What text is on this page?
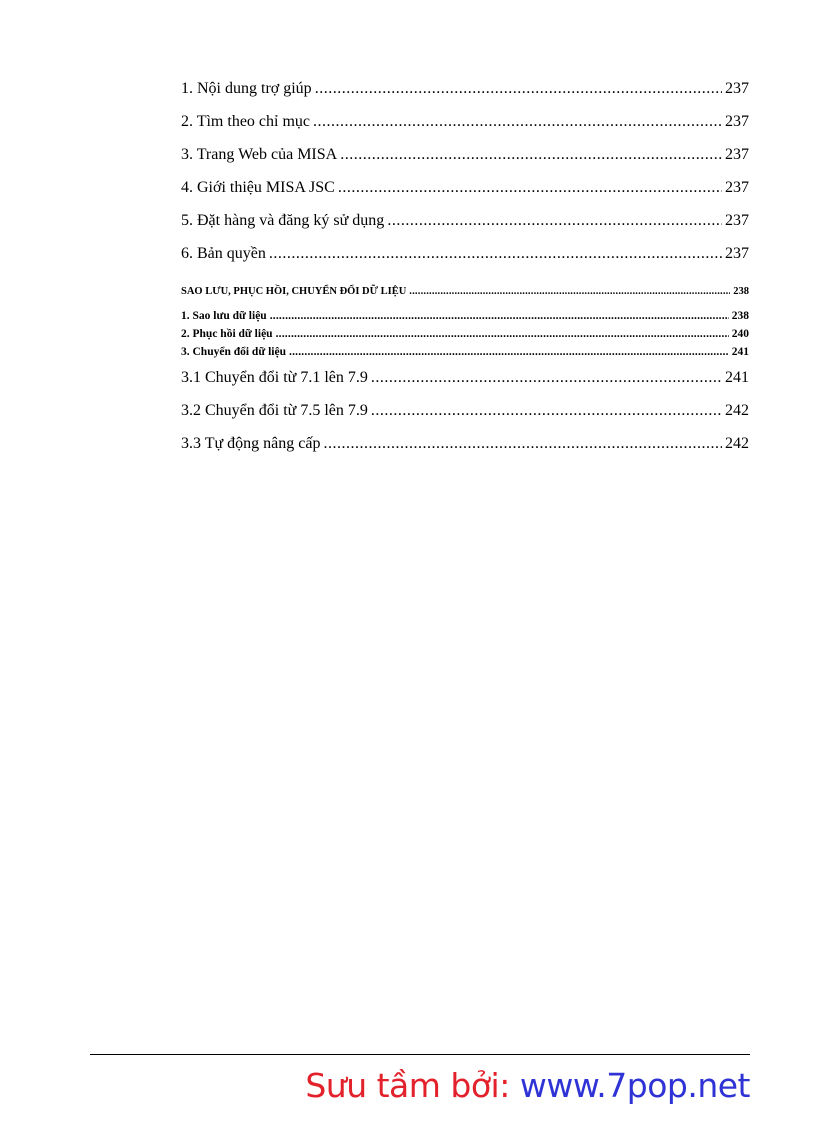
1. Nội dung trợ giúp .....	237
2. Tìm theo chỉ mục .....	237
3. Trang Web của MISA .....	237
4. Giới thiệu MISA JSC .....	237
5. Đặt hàng và đăng ký sử dụng .....	237
6. Bản quyền .....	237
SAO LƯU, PHỤC HỒI, CHUYỂN ĐỔI DỮ LIỆU .....	238
1. Sao lưu dữ liệu .....	238
2. Phục hồi dữ liệu .....	240
3. Chuyển đổi dữ liệu .....	241
3.1 Chuyển đổi từ 7.1 lên 7.9 .....	241
3.2 Chuyển đổi từ 7.5 lên 7.9 .....	242
3.3 Tự động nâng cấp .....	242
Sưu tầm bởi: www.7pop.net
